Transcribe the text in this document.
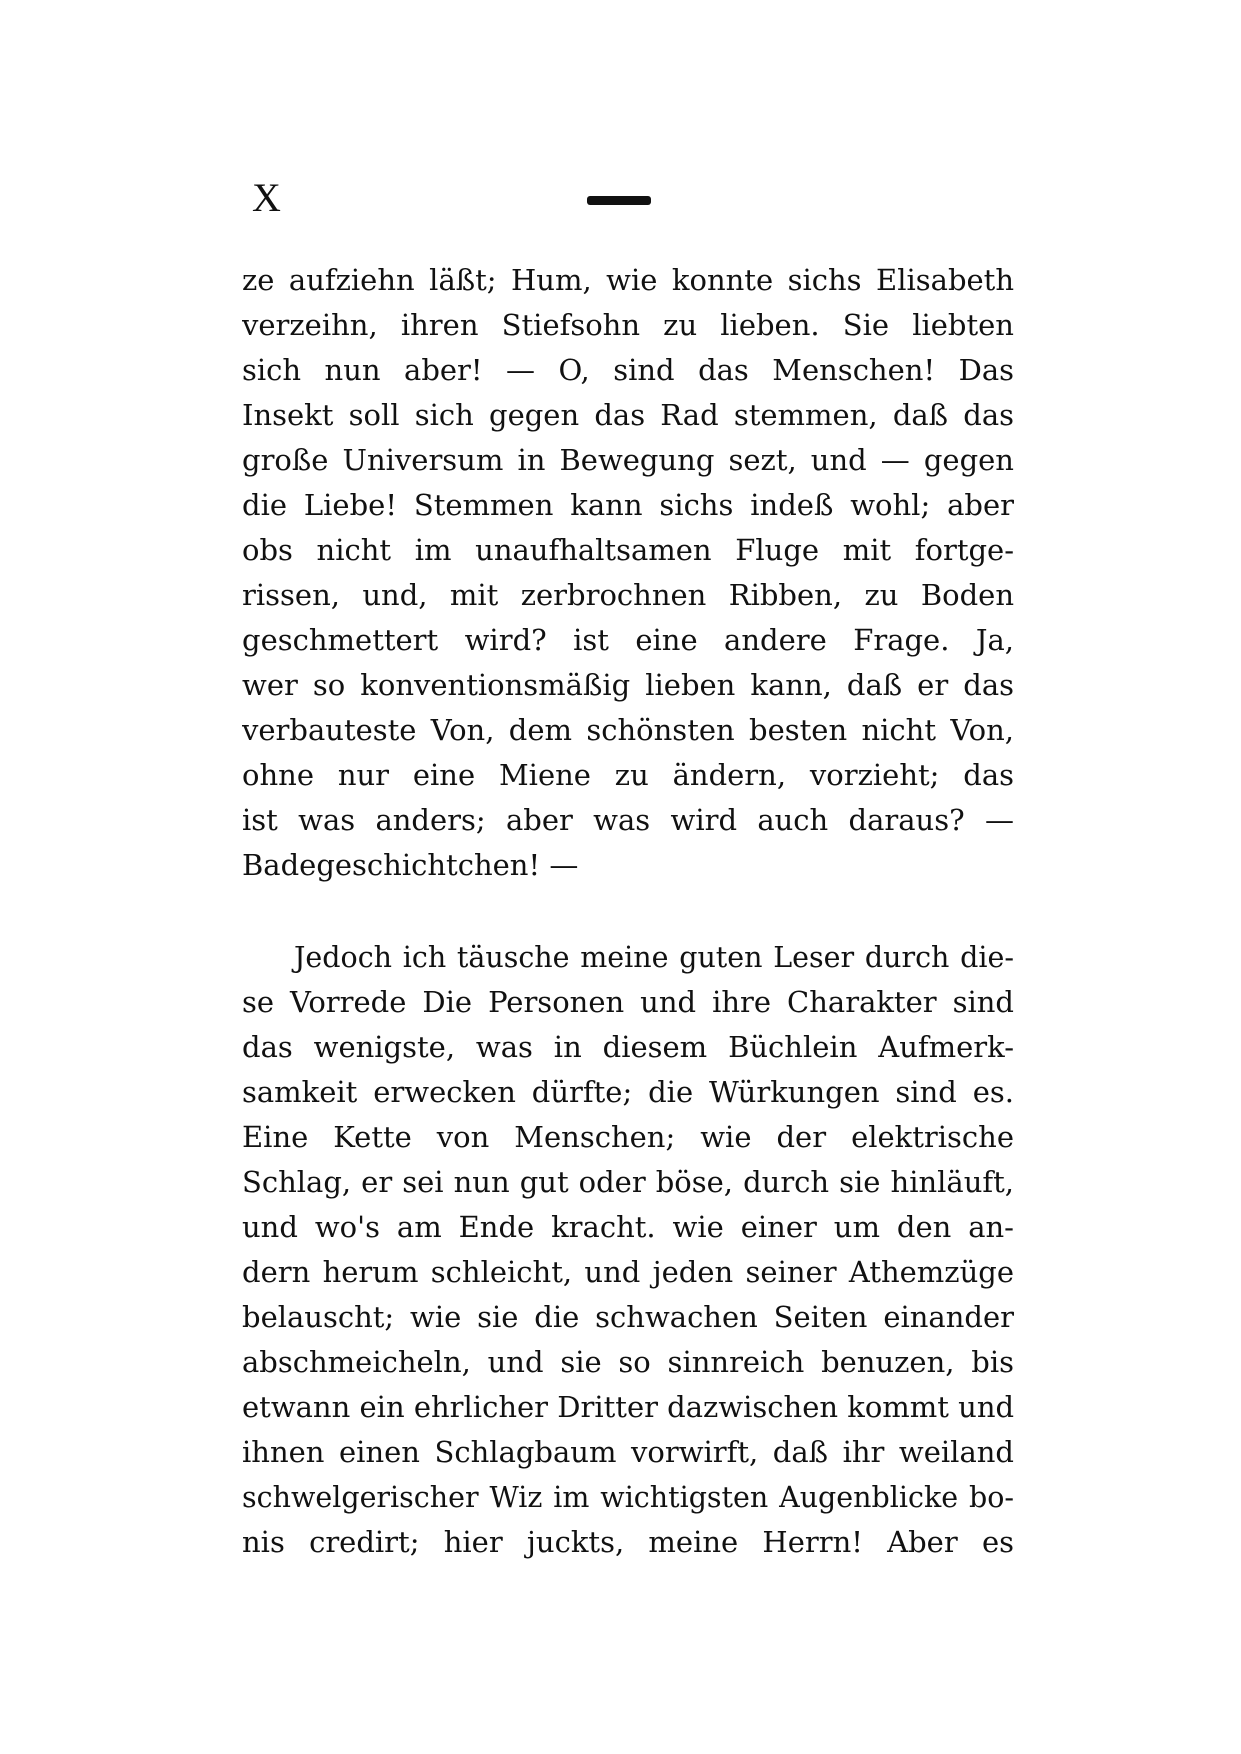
X
ze aufziehn läßt; Hum, wie konnte sichs Elisabeth
verzeihn, ihren Stiefsohn zu lieben. Sie liebten
sich nun aber! — O, sind das Menschen! Das
Insekt soll sich gegen das Rad stemmen, daß das
große Universum in Bewegung sezt, und — gegen
die Liebe! Stemmen kann sichs indeß wohl; aber
obs nicht im unaufhaltsamen Fluge mit fortge-
rissen, und, mit zerbrochnen Ribben, zu Boden
geschmettert wird? ist eine andere Frage. Ja,
wer so konventionsmäßig lieben kann, daß er das
verbauteste Von, dem schönsten besten nicht Von,
ohne nur eine Miene zu ändern, vorzieht; das
ist was anders; aber was wird auch daraus? —
Badegeschichtchen! —
Jedoch ich täusche meine guten Leser durch die-
se Vorrede Die Personen und ihre Charakter sind
das wenigste, was in diesem Büchlein Aufmerk-
samkeit erwecken dürfte; die Würkungen sind es.
Eine Kette von Menschen; wie der elektrische
Schlag, er sei nun gut oder böse, durch sie hinläuft,
und wo's am Ende kracht. wie einer um den an-
dern herum schleicht, und jeden seiner Athemzüge
belauscht; wie sie die schwachen Seiten einander
abschmeicheln, und sie so sinnreich benuzen, bis
etwann ein ehrlicher Dritter dazwischen kommt und
ihnen einen Schlagbaum vorwirft, daß ihr weiland
schwelgerischer Wiz im wichtigsten Augenblicke bo-
nis credirt; hier juckts, meine Herrn! Aber es
